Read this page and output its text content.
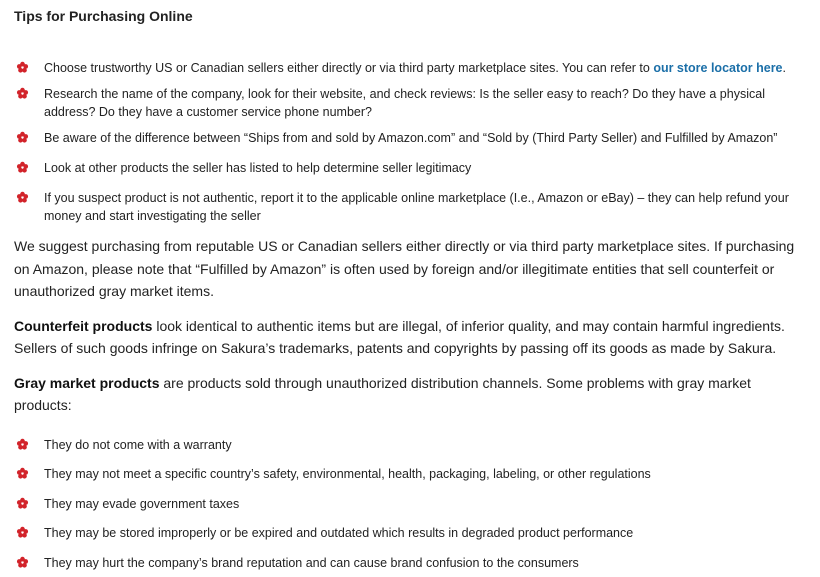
Tips for Purchasing Online
Choose trustworthy US or Canadian sellers either directly or via third party marketplace sites. You can refer to our store locator here.
Research the name of the company, look for their website, and check reviews: Is the seller easy to reach? Do they have a physical address? Do they have a customer service phone number?
Be aware of the difference between “Ships from and sold by Amazon.com” and “Sold by (Third Party Seller) and Fulfilled by Amazon”
Look at other products the seller has listed to help determine seller legitimacy
If you suspect product is not authentic, report it to the applicable online marketplace (I.e., Amazon or eBay) – they can help refund your money and start investigating the seller

We suggest purchasing from reputable US or Canadian sellers either directly or via third party marketplace sites. If purchasing on Amazon, please note that “Fulfilled by Amazon” is often used by foreign and/or illegitimate entities that sell counterfeit or unauthorized gray market items.

Counterfeit products look identical to authentic items but are illegal, of inferior quality, and may contain harmful ingredients. Sellers of such goods infringe on Sakura’s trademarks, patents and copyrights by passing off its goods as made by Sakura.

Gray market products are products sold through unauthorized distribution channels. Some problems with gray market products:

They do not come with a warranty
They may not meet a specific country’s safety, environmental, health, packaging, labeling, or other regulations
They may evade government taxes
They may be stored improperly or be expired and outdated which results in degraded product performance
They may hurt the company’s brand reputation and can cause brand confusion to the consumers
